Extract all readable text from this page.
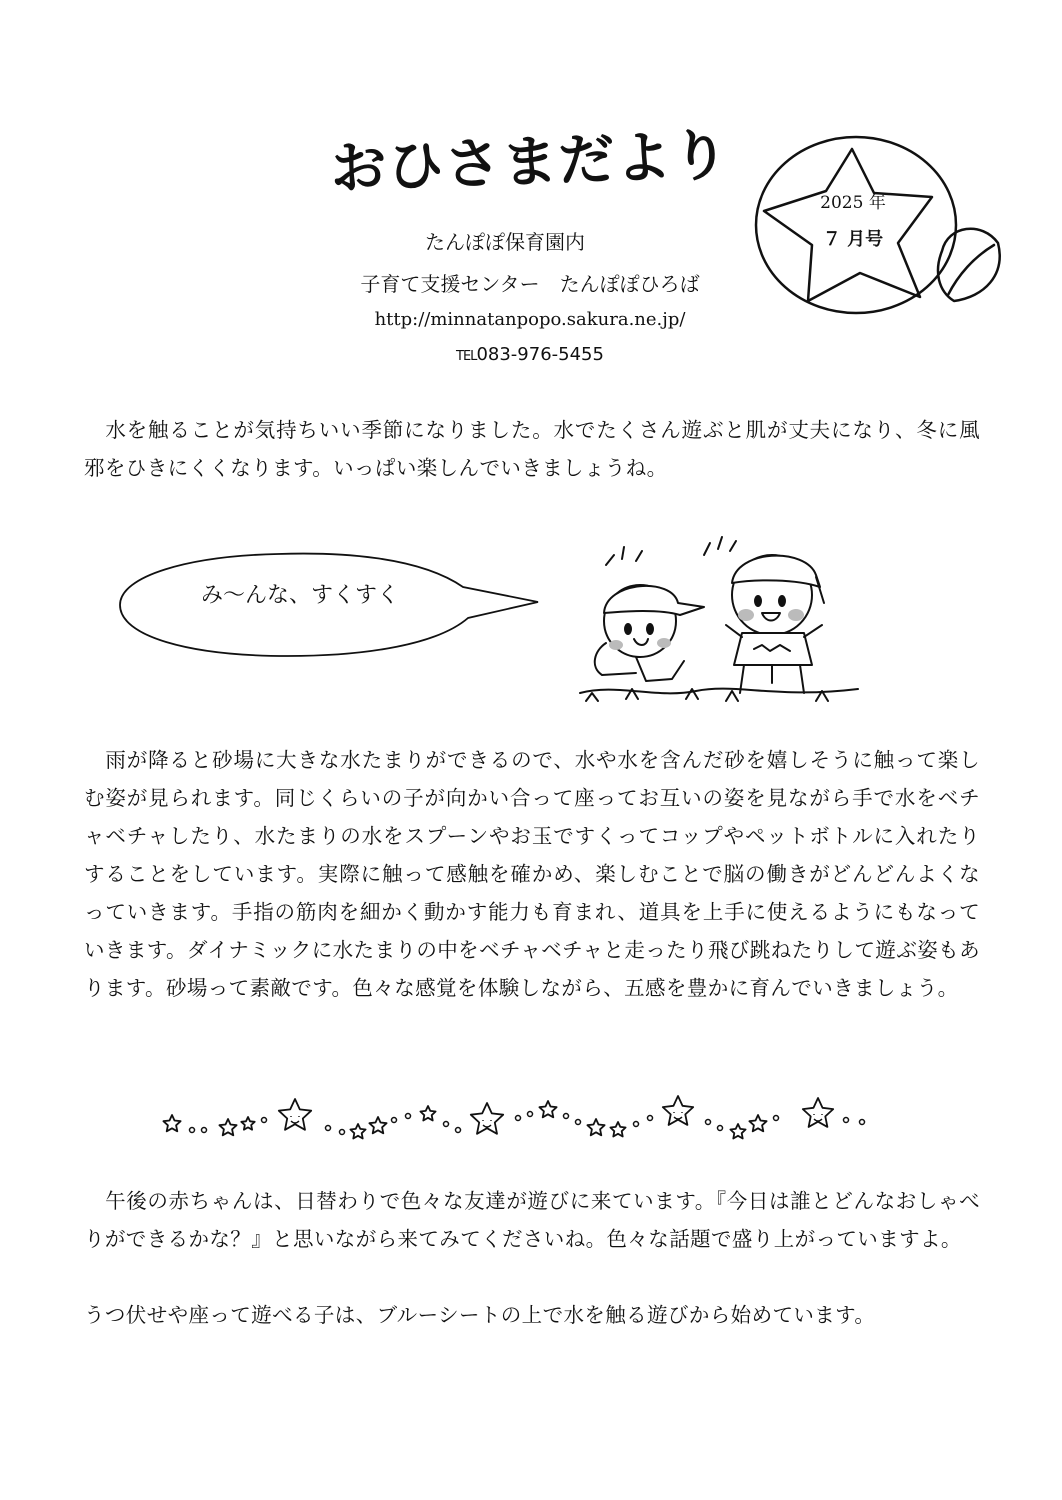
おひさまだより
たんぽぽ保育園内
子育て支援センター　たんぽぽひろば
http://minnatanpopo.sakura.ne.jp/
TEL083-976-5455
2025 年
７ 月号

　水を触ることが気持ちいい季節になりました。水でたくさん遊ぶと肌が丈夫になり、冬に風邪をひきにくくなります。いっぱい楽しんでいきましょうね。

み～んな、すくすく

　雨が降ると砂場に大きな水たまりができるので、水や水を含んだ砂を嬉しそうに触って楽しむ姿が見られます。同じくらいの子が向かい合って座ってお互いの姿を見ながら手で水をベチャベチャしたり、水たまりの水をスプーンやお玉ですくってコップやペットボトルに入れたりすることをしています。実際に触って感触を確かめ、楽しむことで脳の働きがどんどんよくなっていきます。手指の筋肉を細かく動かす能力も育まれ、道具を上手に使えるようにもなっていきます。ダイナミックに水たまりの中をベチャベチャと走ったり飛び跳ねたりして遊ぶ姿もあります。砂場って素敵です。色々な感覚を体験しながら、五感を豊かに育んでいきましょう。

　午後の赤ちゃんは、日替わりで色々な友達が遊びに来ています。『今日は誰とどんなおしゃべりができるかな？』と思いながら来てみてくださいね。色々な話題で盛り上がっていますよ。

うつ伏せや座って遊べる子は、ブルーシートの上で水を触る遊びから始めています。
